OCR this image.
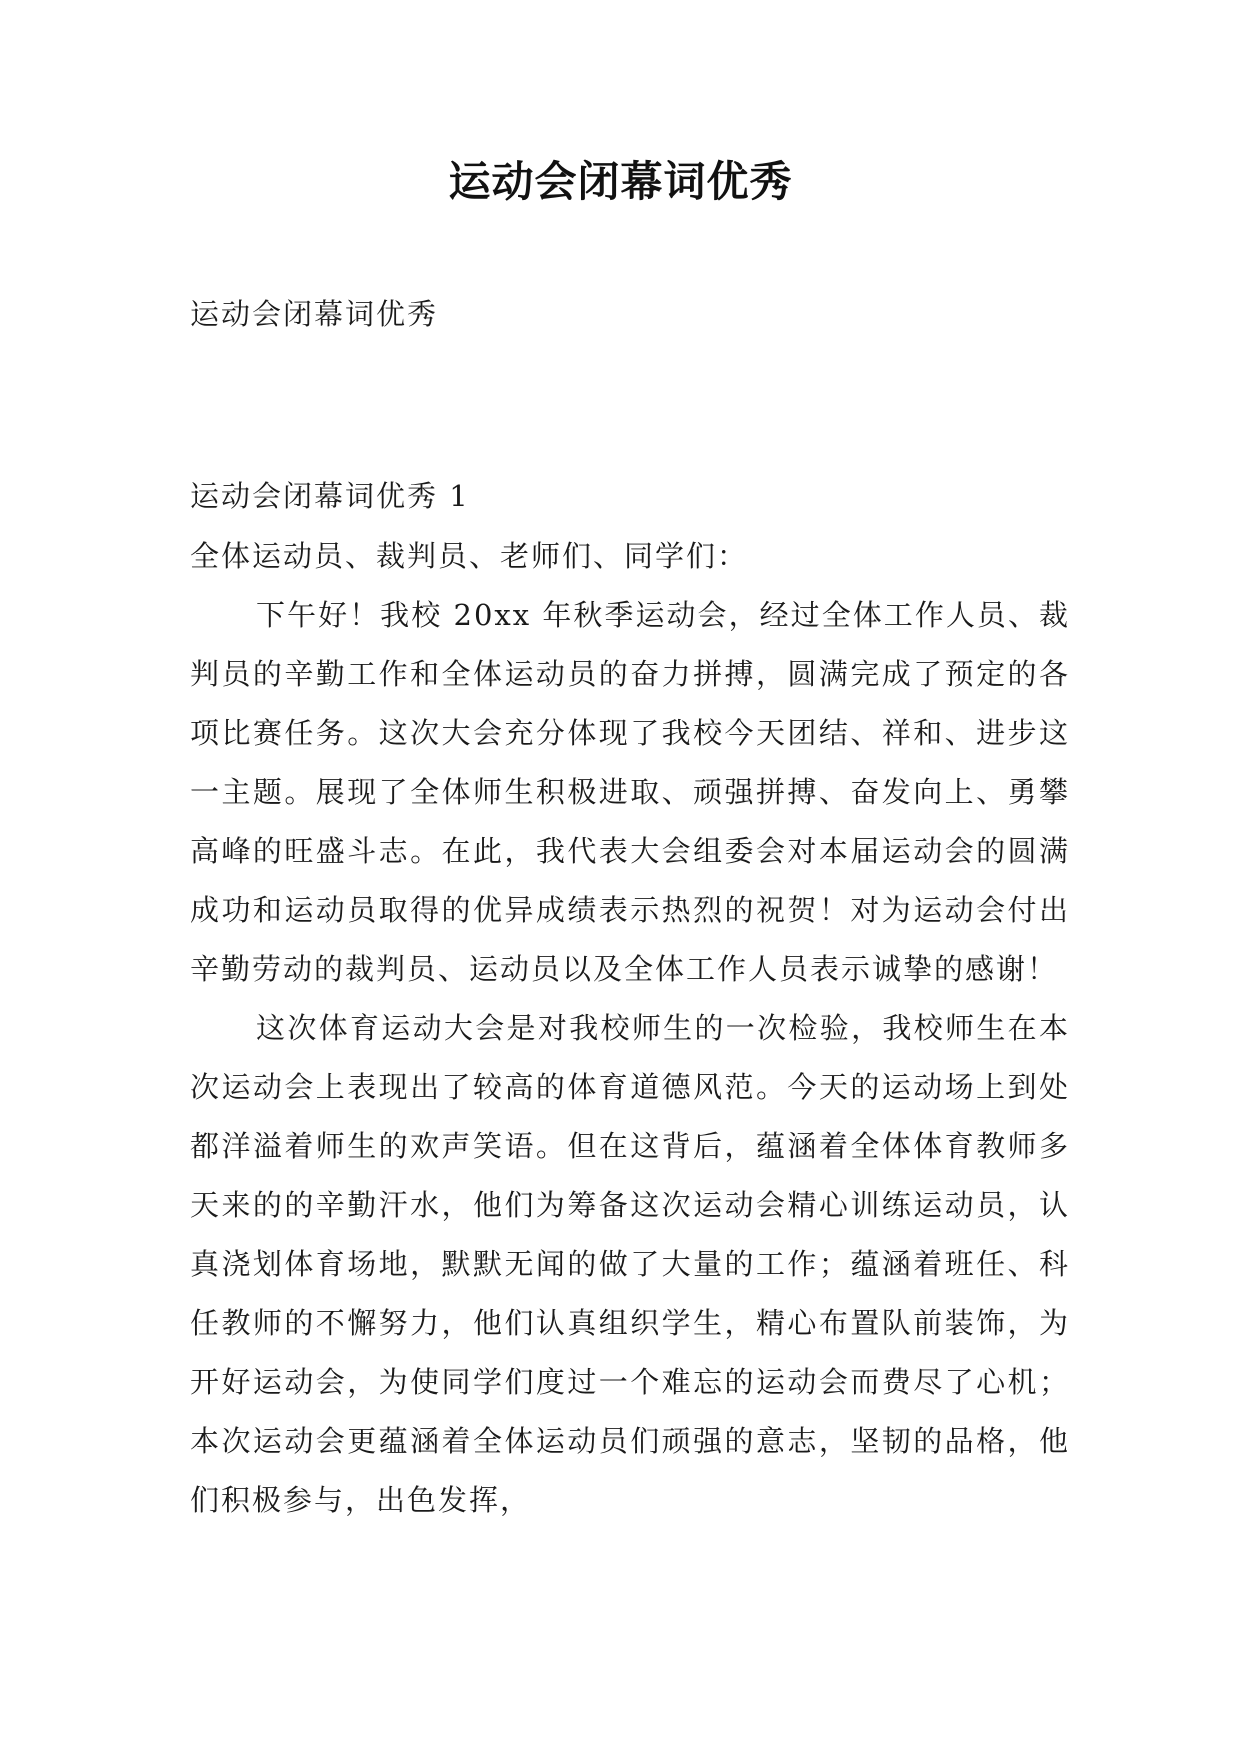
运动会闭幕词优秀
运动会闭幕词优秀
运动会闭幕词优秀 1
全体运动员、裁判员、老师们、同学们：

下午好！我校 20xx 年秋季运动会，经过全体工作人员、裁判员的辛勤工作和全体运动员的奋力拼搏，圆满完成了预定的各项比赛任务。这次大会充分体现了我校今天团结、祥和、进步这一主题。展现了全体师生积极进取、顽强拼搏、奋发向上、勇攀高峰的旺盛斗志。在此，我代表大会组委会对本届运动会的圆满成功和运动员取得的优异成绩表示热烈的祝贺！对为运动会付出辛勤劳动的裁判员、运动员以及全体工作人员表示诚挚的感谢！

这次体育运动大会是对我校师生的一次检验，我校师生在本次运动会上表现出了较高的体育道德风范。今天的运动场上到处都洋溢着师生的欢声笑语。但在这背后，蕴涵着全体体育教师多天来的的辛勤汗水，他们为筹备这次运动会精心训练运动员，认真浇划体育场地，默默无闻的做了大量的工作；蕴涵着班任、科任教师的不懈努力，他们认真组织学生，精心布置队前装饰，为开好运动会，为使同学们度过一个难忘的运动会而费尽了心机；本次运动会更蕴涵着全体运动员们顽强的意志，坚韧的品格，他们积极参与，出色发挥，
